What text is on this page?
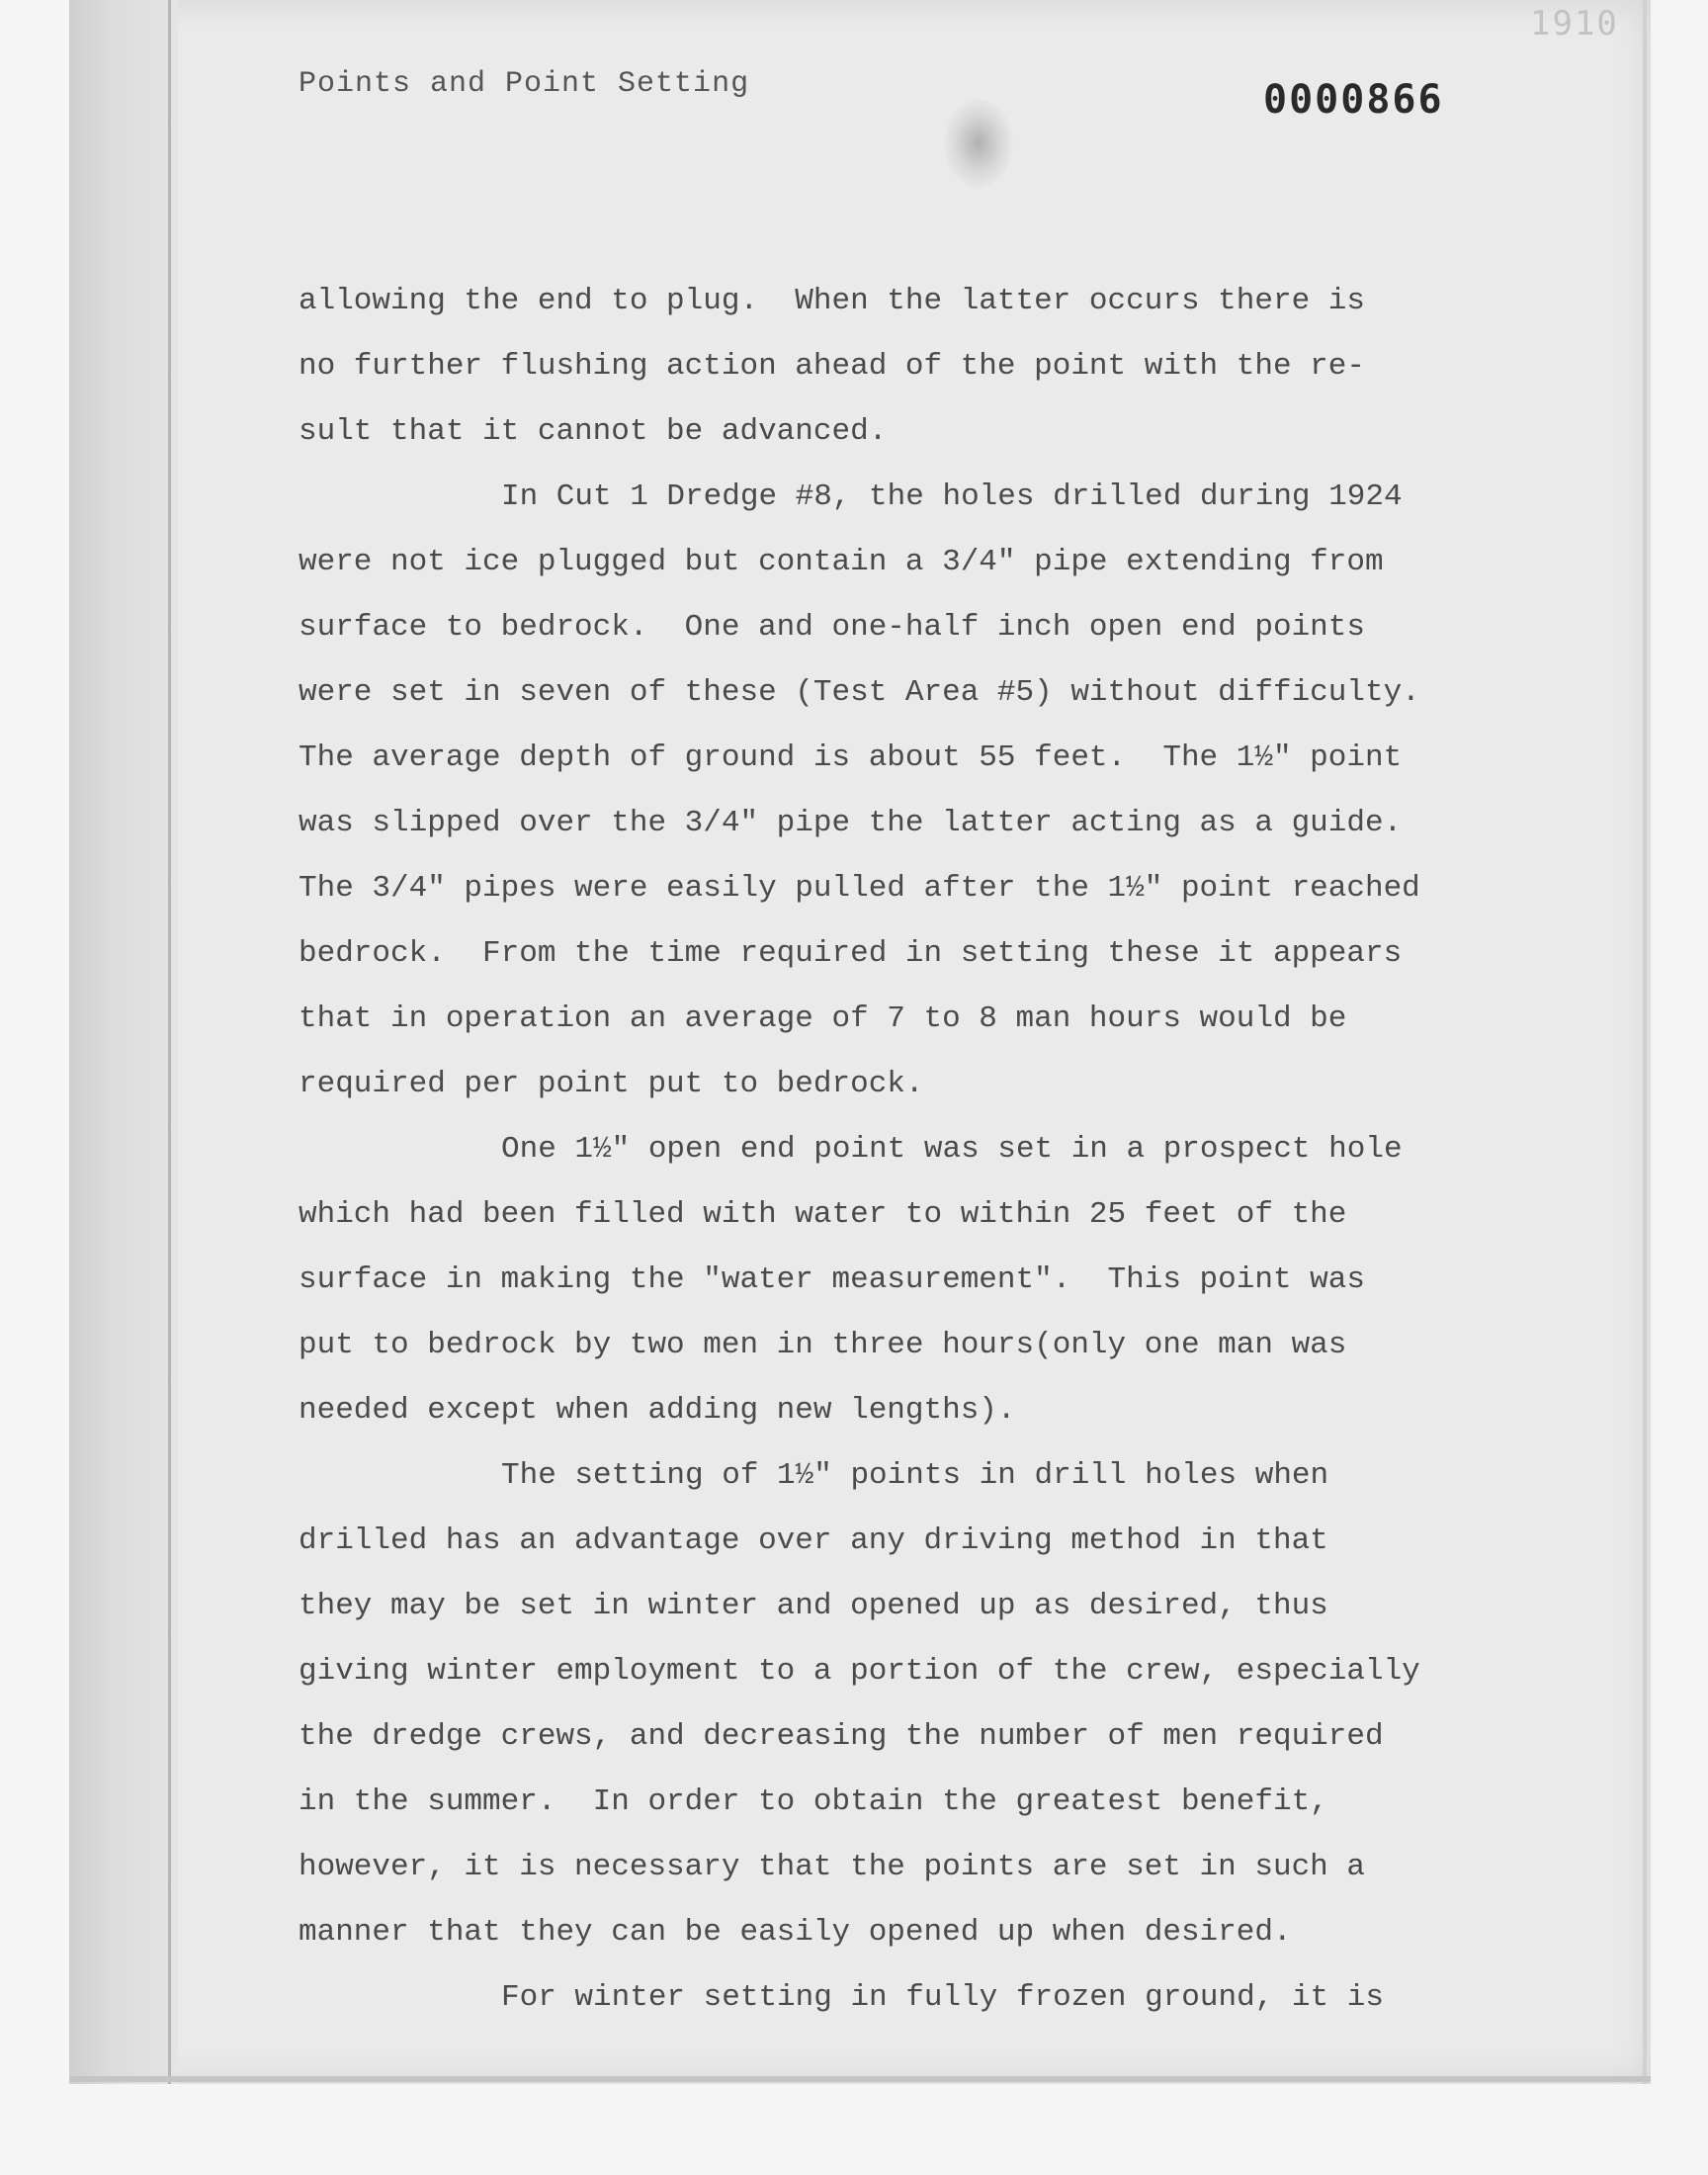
1910
Points and Point Setting	0000866
allowing the end to plug.  When the latter occurs there is
no further flushing action ahead of the point with the re-
sult that it cannot be advanced.
In Cut 1 Dredge #8, the holes drilled during 1924
were not ice plugged but contain a 3/4" pipe extending from
surface to bedrock.  One and one-half inch open end points
were set in seven of these (Test Area #5) without difficulty.
The average depth of ground is about 55 feet.  The 1½" point
was slipped over the 3/4" pipe the latter acting as a guide.
The 3/4" pipes were easily pulled after the 1½" point reached
bedrock.  From the time required in setting these it appears
that in operation an average of 7 to 8 man hours would be
required per point put to bedrock.
One 1½" open end point was set in a prospect hole
which had been filled with water to within 25 feet of the
surface in making the "water measurement".  This point was
put to bedrock by two men in three hours(only one man was
needed except when adding new lengths).
The setting of 1½" points in drill holes when
drilled has an advantage over any driving method in that
they may be set in winter and opened up as desired, thus
giving winter employment to a portion of the crew, especially
the dredge crews, and decreasing the number of men required
in the summer.  In order to obtain the greatest benefit,
however, it is necessary that the points are set in such a
manner that they can be easily opened up when desired.
For winter setting in fully frozen ground, it is
